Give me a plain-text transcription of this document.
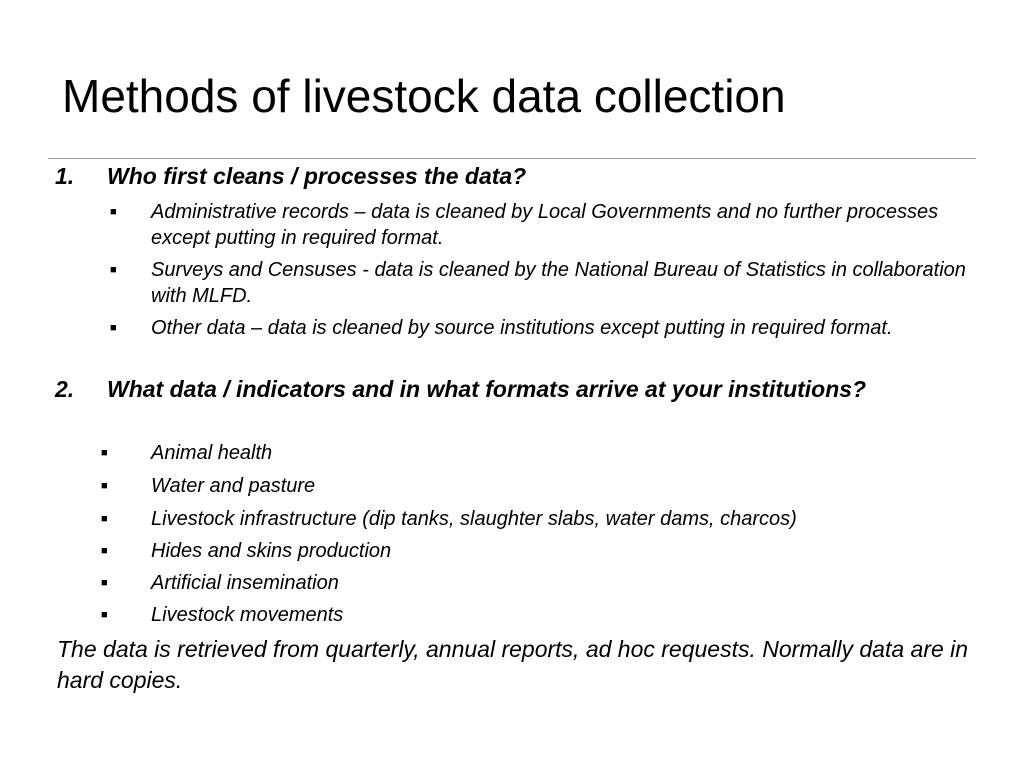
Methods of livestock data collection
1. Who first cleans / processes the data?
■ Administrative records – data is cleaned by Local Governments and no further processes except putting in required format.
■ Surveys and Censuses - data is cleaned by the National Bureau of Statistics in collaboration with MLFD.
■ Other data – data is cleaned by source institutions except putting in required format.
2. What data / indicators and in what formats arrive at your institutions?
■ Animal health
■ Water and pasture
■ Livestock infrastructure (dip tanks, slaughter slabs, water dams, charcos)
■ Hides and skins production
■ Artificial insemination
■ Livestock movements
The data is retrieved from quarterly, annual reports, ad hoc requests. Normally data are in hard copies.
